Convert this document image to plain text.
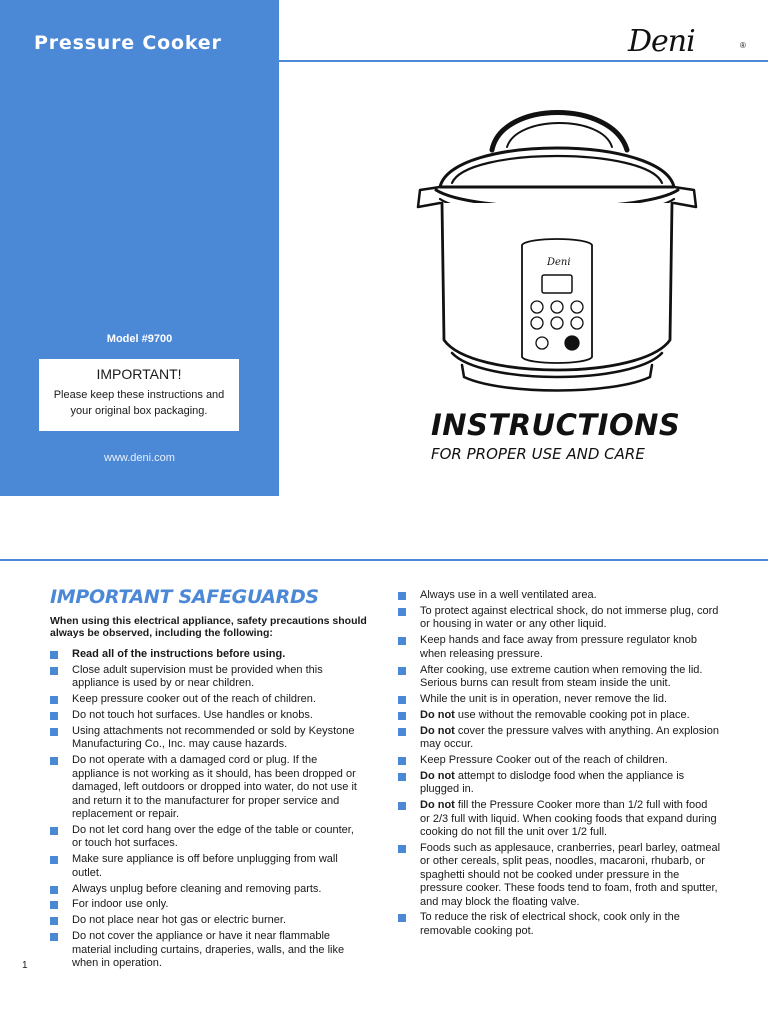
Pressure Cooker
Model #9700
IMPORTANT!
Please keep these instructions and your original box packaging.
www.deni.com
Deni	®
Deni
INSTRUCTIONS
FOR PROPER USE AND CARE
IMPORTANT SAFEGUARDS
When using this electrical appliance, safety precautions should always be observed, including the following:
Read all of the instructions before using.
Close adult supervision must be provided when this appliance is used by or near children.
Keep pressure cooker out of the reach of children.
Do not touch hot surfaces. Use handles or knobs.
Using attachments not recommended or sold by Keystone Manufacturing Co., Inc. may cause hazards.
Do not operate with a damaged cord or plug. If the appliance is not working as it should, has been dropped or damaged, left outdoors or dropped into water, do not use it and return it to the manufacturer for proper service and replacement or repair.
Do not let cord hang over the edge of the table or counter, or touch hot surfaces.
Make sure appliance is off before unplugging from wall outlet.
Always unplug before cleaning and removing parts.
For indoor use only.
Do not place near hot gas or electric burner.
Do not cover the appliance or have it near flammable material including curtains, draperies, walls, and the like when in operation.
Always use in a well ventilated area.
To protect against electrical shock, do not immerse plug, cord or housing in water or any other liquid.
Keep hands and face away from pressure regulator knob when releasing pressure.
After cooking, use extreme caution when removing the lid. Serious burns can result from steam inside the unit.
While the unit is in operation, never remove the lid.
Do not use without the removable cooking pot in place.
Do not cover the pressure valves with anything. An explosion may occur.
Keep Pressure Cooker out of the reach of children.
Do not attempt to dislodge food when the appliance is plugged in.
Do not fill the Pressure Cooker more than 1/2 full with food or 2/3 full with liquid. When cooking foods that expand during cooking do not fill the unit over 1/2 full.
Foods such as applesauce, cranberries, pearl barley, oatmeal or other cereals, split peas, noodles, macaroni, rhubarb, or spaghetti should not be cooked under pressure in the pressure cooker. These foods tend to foam, froth and sputter, and may block the floating valve.
To reduce the risk of electrical shock, cook only in the removable cooking pot.
1
